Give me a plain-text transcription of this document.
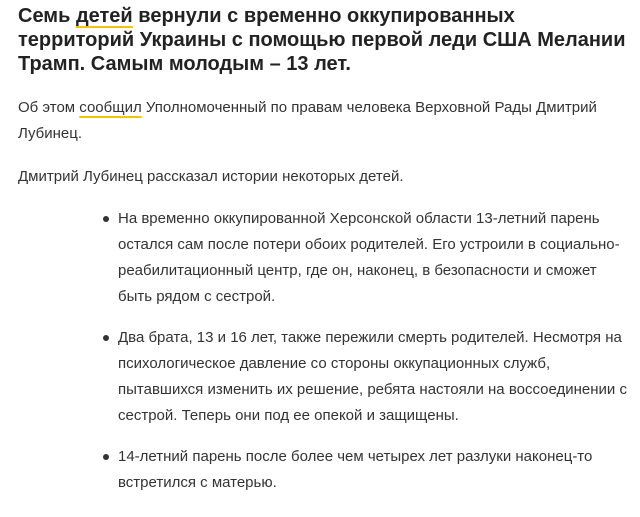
Семь детей вернули с временно оккупированных территорий Украины с помощью первой леди США Мелании Трамп. Самым молодым – 13 лет.

Об этом сообщил Уполномоченный по правам человека Верховной Рады Дмитрий Лубинец.

Дмитрий Лубинец рассказал истории некоторых детей.

На временно оккупированной Херсонской области 13-летний парень остался сам после потери обоих родителей. Его устроили в социально-реабилитационный центр, где он, наконец, в безопасности и сможет быть рядом с сестрой.
Два брата, 13 и 16 лет, также пережили смерть родителей. Несмотря на психологическое давление со стороны оккупационных служб, пытавшихся изменить их решение, ребята настояли на воссоединении с сестрой. Теперь они под ее опекой и защищены.
14-летний парень после более чем четырех лет разлуки наконец-то встретился с матерью.
